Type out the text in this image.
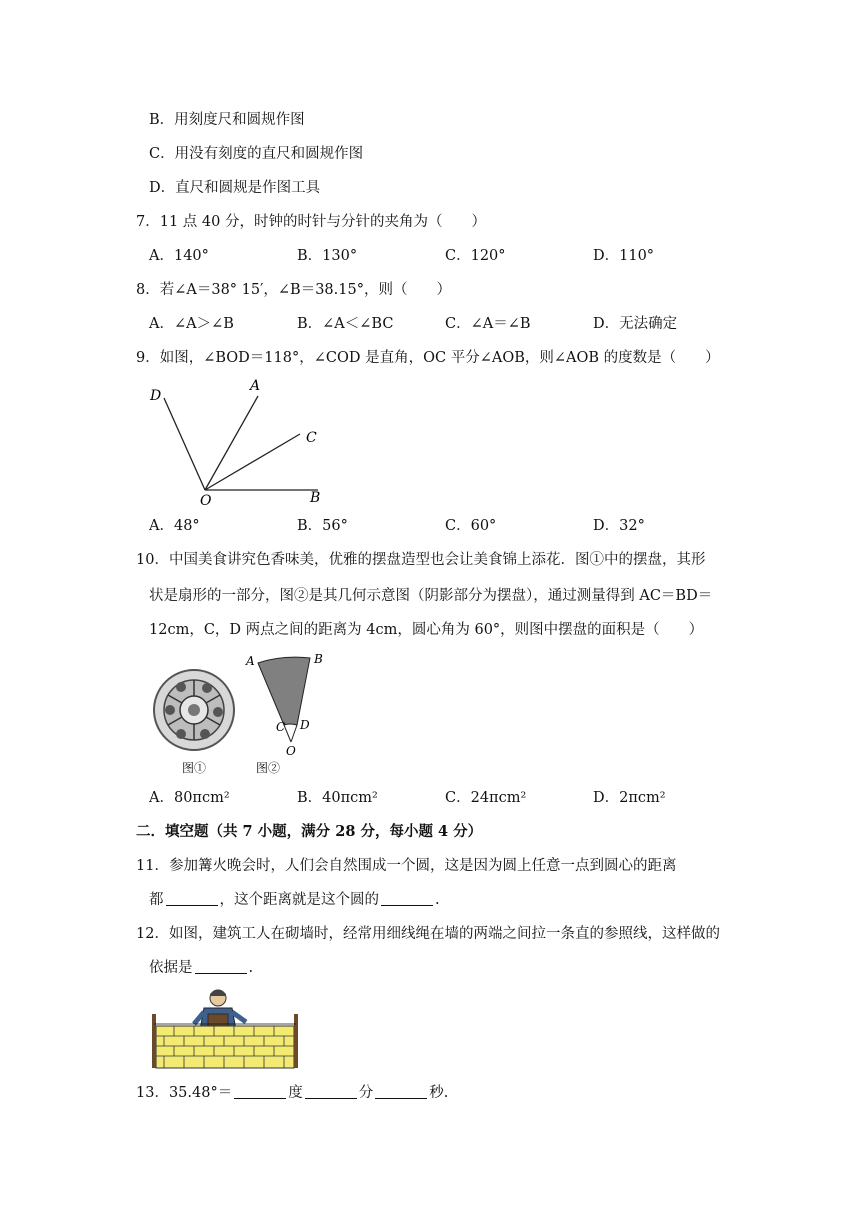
B．用刻度尺和圆规作图
C．用没有刻度的直尺和圆规作图
D．直尺和圆规是作图工具
7．11 点 40 分，时钟的时针与分针的夹角为（　　）
A．140°	B．130°	C．120°	D．110°
8．若∠A＝38° 15′，∠B＝38.15°，则（　　）
A．∠A＞∠B	B．∠A＜∠BC	C．∠A＝∠B	D．无法确定
9．如图，∠BOD＝118°，∠COD 是直角，OC 平分∠AOB，则∠AOB 的度数是（　　）
D
A
C
O	B
A．48°	B．56°	C．60°	D．32°
10．中国美食讲究色香味美，优雅的摆盘造型也会让美食锦上添花．图①中的摆盘，其形
状是扇形的一部分，图②是其几何示意图（阴影部分为摆盘），通过测量得到 AC＝BD＝
12cm，C，D 两点之间的距离为 4cm，圆心角为 60°，则图中摆盘的面积是（　　）
图①
A	B
C D
O
图②
A．80πcm²	B．40πcm²	C．24πcm²	D．2πcm²
二．填空题（共 7 小题，满分 28 分，每小题 4 分）
11．参加篝火晚会时，人们会自然围成一个圆，这是因为圆上任意一点到圆心的距离
都	，这个距离就是这个圆的	.
12．如图，建筑工人在砌墙时，经常用细线绳在墙的两端之间拉一条直的参照线，这样做的
依据是	.
13．35.48°＝	度	分	秒.
